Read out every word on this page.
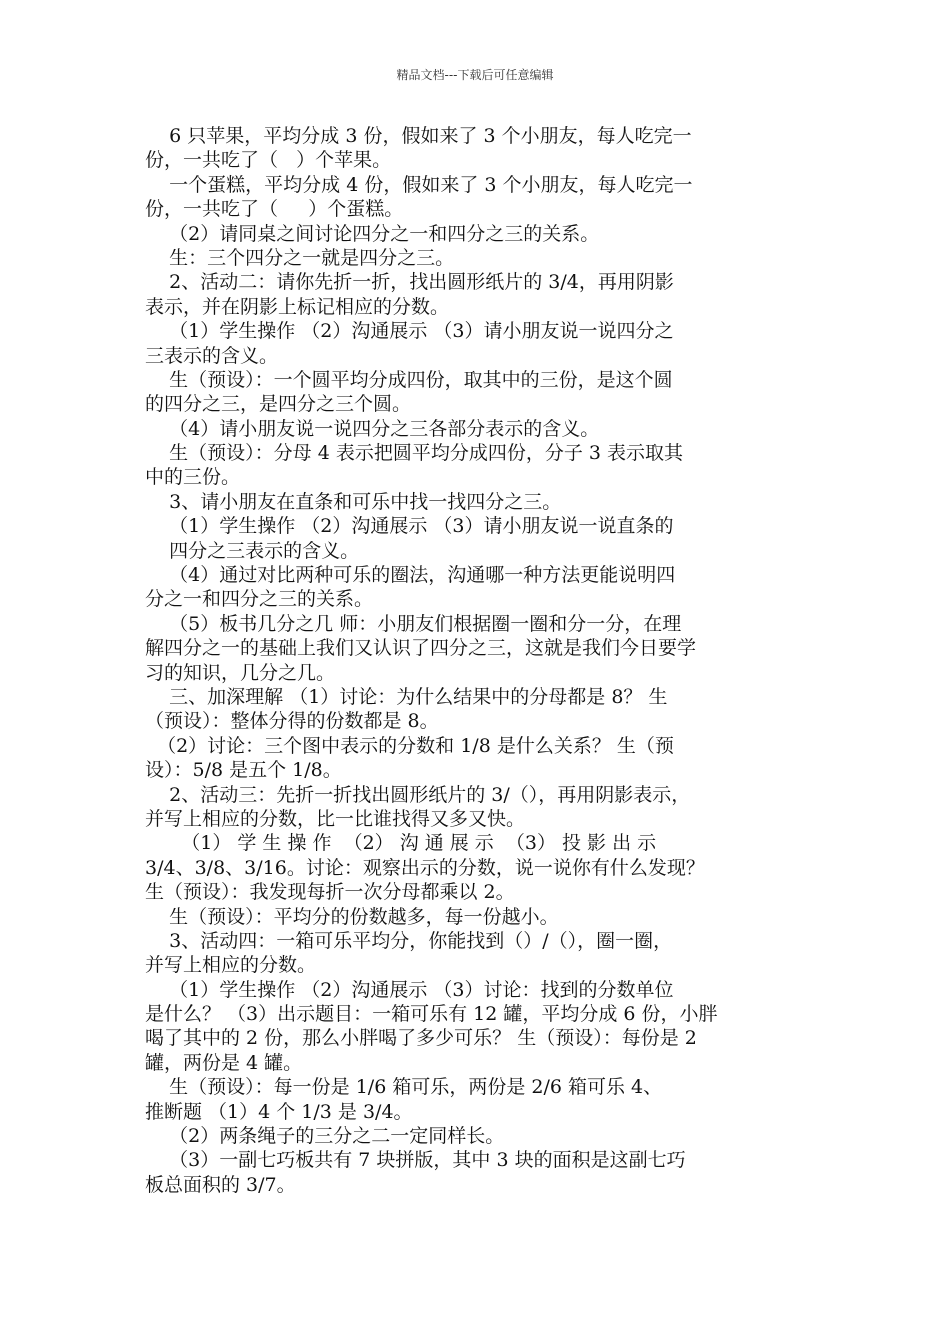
精品文档---下载后可任意编辑
6 只苹果，平均分成 3 份，假如来了 3 个小朋友，每人吃完一
份，一共吃了（   ）个苹果。
一个蛋糕，平均分成 4 份，假如来了 3 个小朋友，每人吃完一
份，一共吃了（     ）个蛋糕。
（2）请同桌之间讨论四分之一和四分之三的关系。
生：三个四分之一就是四分之三。
2、活动二：请你先折一折，找出圆形纸片的 3/4，再用阴影
表示，并在阴影上标记相应的分数。
（1）学生操作 （2）沟通展示 （3）请小朋友说一说四分之
三表示的含义。
生（预设）：一个圆平均分成四份，取其中的三份，是这个圆
的四分之三，是四分之三个圆。
（4）请小朋友说一说四分之三各部分表示的含义。
生（预设）：分母 4 表示把圆平均分成四份，分子 3 表示取其
中的三份。
3、请小朋友在直条和可乐中找一找四分之三。
（1）学生操作 （2）沟通展示 （3）请小朋友说一说直条的
四分之三表示的含义。
（4）通过对比两种可乐的圈法，沟通哪一种方法更能说明四
分之一和四分之三的关系。
（5）板书几分之几 师：小朋友们根据圈一圈和分一分，在理
解四分之一的基础上我们又认识了四分之三，这就是我们今日要学
习的知识，几分之几。
三、加深理解 （1）讨论：为什么结果中的分母都是 8？ 生
（预设）：整体分得的份数都是 8。
（2）讨论：三个图中表示的分数和 1/8 是什么关系？ 生（预
设）：5/8 是五个 1/8。
2、活动三：先折一折找出圆形纸片的 3/（），再用阴影表示，
并写上相应的分数，比一比谁找得又多又快。
（1） 学 生 操 作  （2） 沟 通 展 示  （3） 投 影 出 示
3/4、3/8、3/16。讨论：观察出示的分数，说一说你有什么发现？
生（预设）：我发现每折一次分母都乘以 2。
生（预设）：平均分的份数越多，每一份越小。
3、活动四：一箱可乐平均分，你能找到（）/（），圈一圈，
并写上相应的分数。
（1）学生操作 （2）沟通展示 （3）讨论：找到的分数单位
是什么？ （3）出示题目：一箱可乐有 12 罐，平均分成 6 份，小胖
喝了其中的 2 份，那么小胖喝了多少可乐？ 生（预设）：每份是 2
罐，两份是 4 罐。
生（预设）：每一份是 1/6 箱可乐，两份是 2/6 箱可乐 4、
推断题 （1）4 个 1/3 是 3/4。
（2）两条绳子的三分之二一定同样长。
（3）一副七巧板共有 7 块拼版，其中 3 块的面积是这副七巧
板总面积的 3/7。
